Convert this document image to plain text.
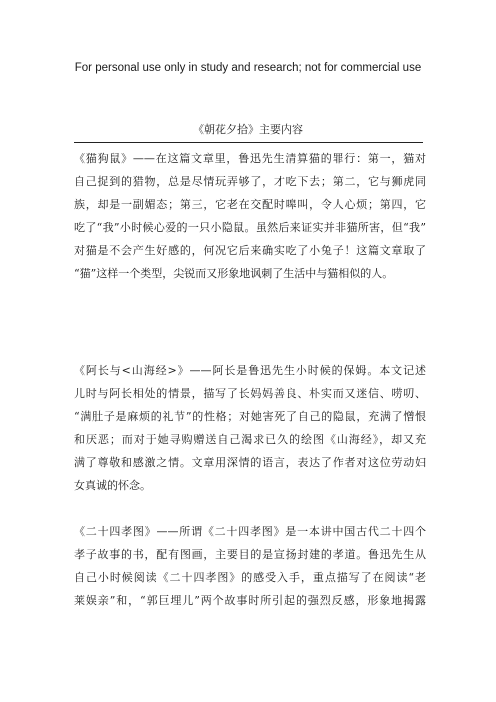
For personal use only in study and research; not for commercial use
《朝花夕拾》主要内容
《猫狗鼠》——在这篇文章里，鲁迅先生清算猫的罪行：第一，猫对
自己捉到的猎物，总是尽情玩弄够了，才吃下去；第二，它与狮虎同
族，却是一副媚态；第三，它老在交配时嗥叫，令人心烦；第四，它
吃了“我”小时候心爱的一只小隐鼠。虽然后来证实并非猫所害，但“我”
对猫是不会产生好感的，何况它后来确实吃了小兔子！这篇文章取了
“猫”这样一个类型，尖锐而又形象地讽刺了生活中与猫相似的人。
《阿长与<山海经>》——阿长是鲁迅先生小时候的保姆。本文记述
儿时与阿长相处的情景，描写了长妈妈善良、朴实而又迷信、唠叨、
“满肚子是麻烦的礼节”的性格；对她害死了自己的隐鼠，充满了憎恨
和厌恶；而对于她寻购赠送自己渴求已久的绘图《山海经》，却又充
满了尊敬和感激之情。文章用深情的语言，表达了作者对这位劳动妇
女真诚的怀念。
《二十四孝图》——所谓《二十四孝图》是一本讲中国古代二十四个
孝子故事的书，配有图画，主要目的是宣扬封建的孝道。鲁迅先生从
自己小时候阅读《二十四孝图》的感受入手，重点描写了在阅读“老
莱娱亲”和，“郭巨埋儿”两个故事时所引起的强烈反感，形象地揭露
